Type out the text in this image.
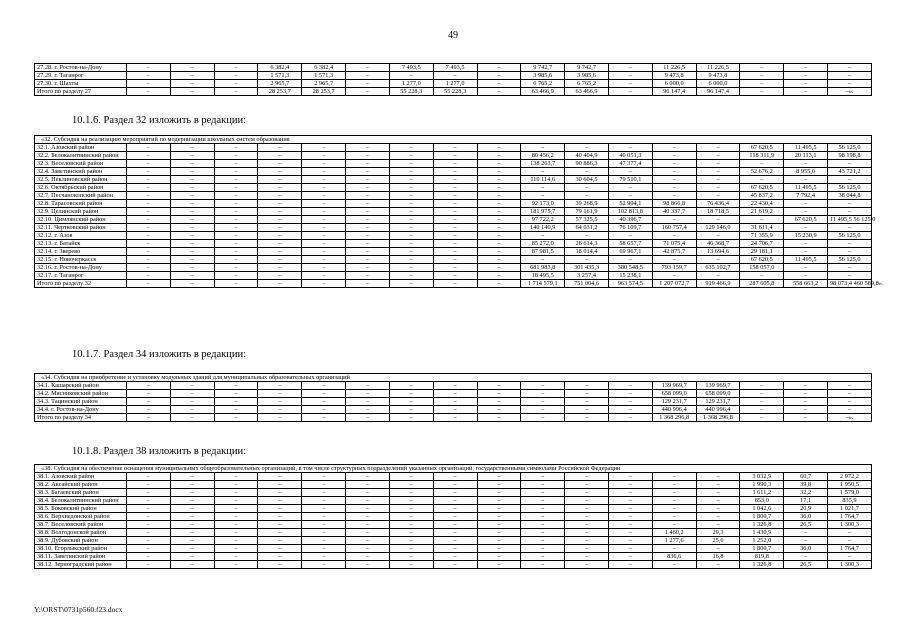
49
27.28. г. Ростов-на-Дону	–	–	–	6 382,4	6 382,4	–	7 493,5	7 493,5	–	9 742,7	9 742,7	–	11 226,5	11 226,5	–	–	–
27.29. г. Таганрог	–	–	–	1 571,3	1 571,3	–	–	–	–	3 985,6	3 985,6	–	9 473,8	9 473,8	–	–	–
27.30. г. Шахты	–	–	–	2 965,7	2 965,7	–	1 277,0	1 277,0	–	6 765,2	6 765,2	–	6 000,0	6 000,0	–	–	–
Итого по разделу 27	–	–	–	28 253,7	28 253,7	–	55 228,3	55 228,3	–	63 466,9	63 466,9	–	96 147,4	96 147,4	–	–	–».
10.1.6. Раздел 32 изложить в редакции:
«32. Субсидия на реализацию мероприятий по модернизации школьных систем образования																	
32.1. Азовский район	–	–	–	–	–	–	–	–	–	–	–	–	–	–	67 620,5	11 495,5	56 125,0
32.2. Белокалитвинский район	–	–	–	–	–	–	–	–	–	80 456,2	40 404,9	40 051,3	–	–	118 311,9	20 113,1	98 198,8
32.3. Веселовский район	–	–	–	–	–	–	–	–	–	138 263,7	90 886,3	47 377,4	–	–	–	–	–
32.4. Заветинский район	–	–	–	–	–	–	–	–	–	–	–	–	–	–	52 676,2	8 955,0	43 721,2
32.5. Неклиновский район	–	–	–	–	–	–	–	–	–	110 114,6	30 604,5	79 510,1	–	–	–	–	–
32.6. Октябрьский район	–	–	–	–	–	–	–	–	–	–	–	–	–	–	67 620,5	11 495,5	56 125,0
32.7. Песчанокопский район	–	–	–	–	–	–	–	–	–	–	–	–	–	–	45 837,2	7 792,4	38 044,8
32.8. Тарасовский район	–	–	–	–	–	–	–	–	–	92 173,0	39 268,9	52 904,1	98 866,8	76 436,4	22 430,4	–	–
32.9. Целинский район	–	–	–	–	–	–	–	–	–	181 975,7	79 161,9	102 813,8	40 337,7	18 718,5	21 619,2	–	–
32.10. Цимлянский район	–	–	–	–	–	–	–	–	–	97 722,2	57 325,5	40 396,7	–	–	–	67 620,5	11 495,5 56 125,0
32.11. Чертковский район	–	–	–	–	–	–	–	–	–	140 140,9	64 031,2	76 109,7	160 757,4	129 146,0	31 611,4	–	–
32.12. г. Азов	–	–	–	–	–	–	–	–	–	–	–	–	–	–	71 355,9	15 230,9	56 125,0
32.13. г. Батайск	–	–	–	–	–	–	–	–	–	85 272,0	26 614,3	58 657,7	71 075,4	46 368,7	24 706,7	–	–
32.14. г. Зверево	–	–	–	–	–	–	–	–	–	87 981,5	18 014,4	69 967,1	42 875,7	13 694,6	29 181,1	–	–
32.15. г. Новочеркасск	–	–	–	–	–	–	–	–	–	–	–	–	–	–	67 620,5	11 495,5	56 125,0
32.16. г. Ростов-на-Дону	–	–	–	–	–	–	–	–	–	681 983,8	301 435,3	380 548,5	793 159,7	635 102,7	158 057,0	–	–
32.17. г. Таганрог	–	–	–	–	–	–	–	–	–	18 495,5	3 257,4	15 238,1	–	–	–	–	–
Итого по разделу 32	–	–	–	–	–	–	–	–	–	1 714 579,1	751 004,6	963 574,5	1 207 072,7	919 466,9	287 605,8	558 663,2	98 073,4 460 589,8».
10.1.7. Раздел 34 изложить в редакции:
«34. Субсидия на приобретение и установку модульных зданий для муниципальных образовательных организаций																	
34.1. Кашарский район	–	–	–	–	–	–	–	–	–	–	–	–	139 969,7	139 969,7	–	–	–
34.2. Мясниковский район	–	–	–	–	–	–	–	–	–	–	–	–	658 099,0	658 099,0	–	–	–
34.3. Тацинский район	–	–	–	–	–	–	–	–	–	–	–	–	129 231,7	129 231,7	–	–	–
34.4. г. Ростов-на-Дону	–	–	–	–	–	–	–	–	–	–	–	–	440 996,4	440 996,4	–	–	–
Итого по разделу 34	–	–	–	–	–	–	–	–	–	–	–	–	1 368 296,8	1 368 296,8	–	–	–».
10.1.8. Раздел 38 изложить в редакции:
«38. Субсидия на обеспечение оснащения муниципальных общеобразовательных организаций, в том числе структурных подразделений указанных организаций, государственными символами Российской Федерации																	
38.1. Азовский район	–	–	–	–	–	–	–	–	–	–	–	–	–	–	3 032,9	60,7	2 972,2
38.2. Аксайский район	–	–	–	–	–	–	–	–	–	–	–	–	–	–	1 990,3	39,8	1 950,5
38.3. Багаевский район	–	–	–	–	–	–	–	–	–	–	–	–	–	–	1 611,2	32,2	1 579,0
38.4. Белокалитвинский район	–	–	–	–	–	–	–	–	–	–	–	–	–	–	853,0	17,1	835,9
38.5. Боковский район	–	–	–	–	–	–	–	–	–	–	–	–	–	–	1 042,6	20,9	1 021,7
38.6. Верхнедонской район	–	–	–	–	–	–	–	–	–	–	–	–	–	–	1 800,7	36,0	1 764,7
38.7. Веселовский район	–	–	–	–	–	–	–	–	–	–	–	–	–	–	1 326,8	26,5	1 300,3
38.8. Волгодонской район	–	–	–	–	–	–	–	–	–	–	–	–	1 460,2	29,3	1 430,9	–	–
38.9. Дубовский район	–	–	–	–	–	–	–	–	–	–	–	–	1 277,6	25,6	1 252,0	–	–
38.10. Егорлыкский район	–	–	–	–	–	–	–	–	–	–	–	–	–	–	1 800,7	36,0	1 764,7
38.11. Заветинский район	–	–	–	–	–	–	–	–	–	–	–	–	836,6	16,8	819,8	–	–
38.12. Зерноградский район	–	–	–	–	–	–	–	–	–	–	–	–	–	–	1 326,8	26,5	1 300,3
Y:\ORST\0731p560.f23.docx
